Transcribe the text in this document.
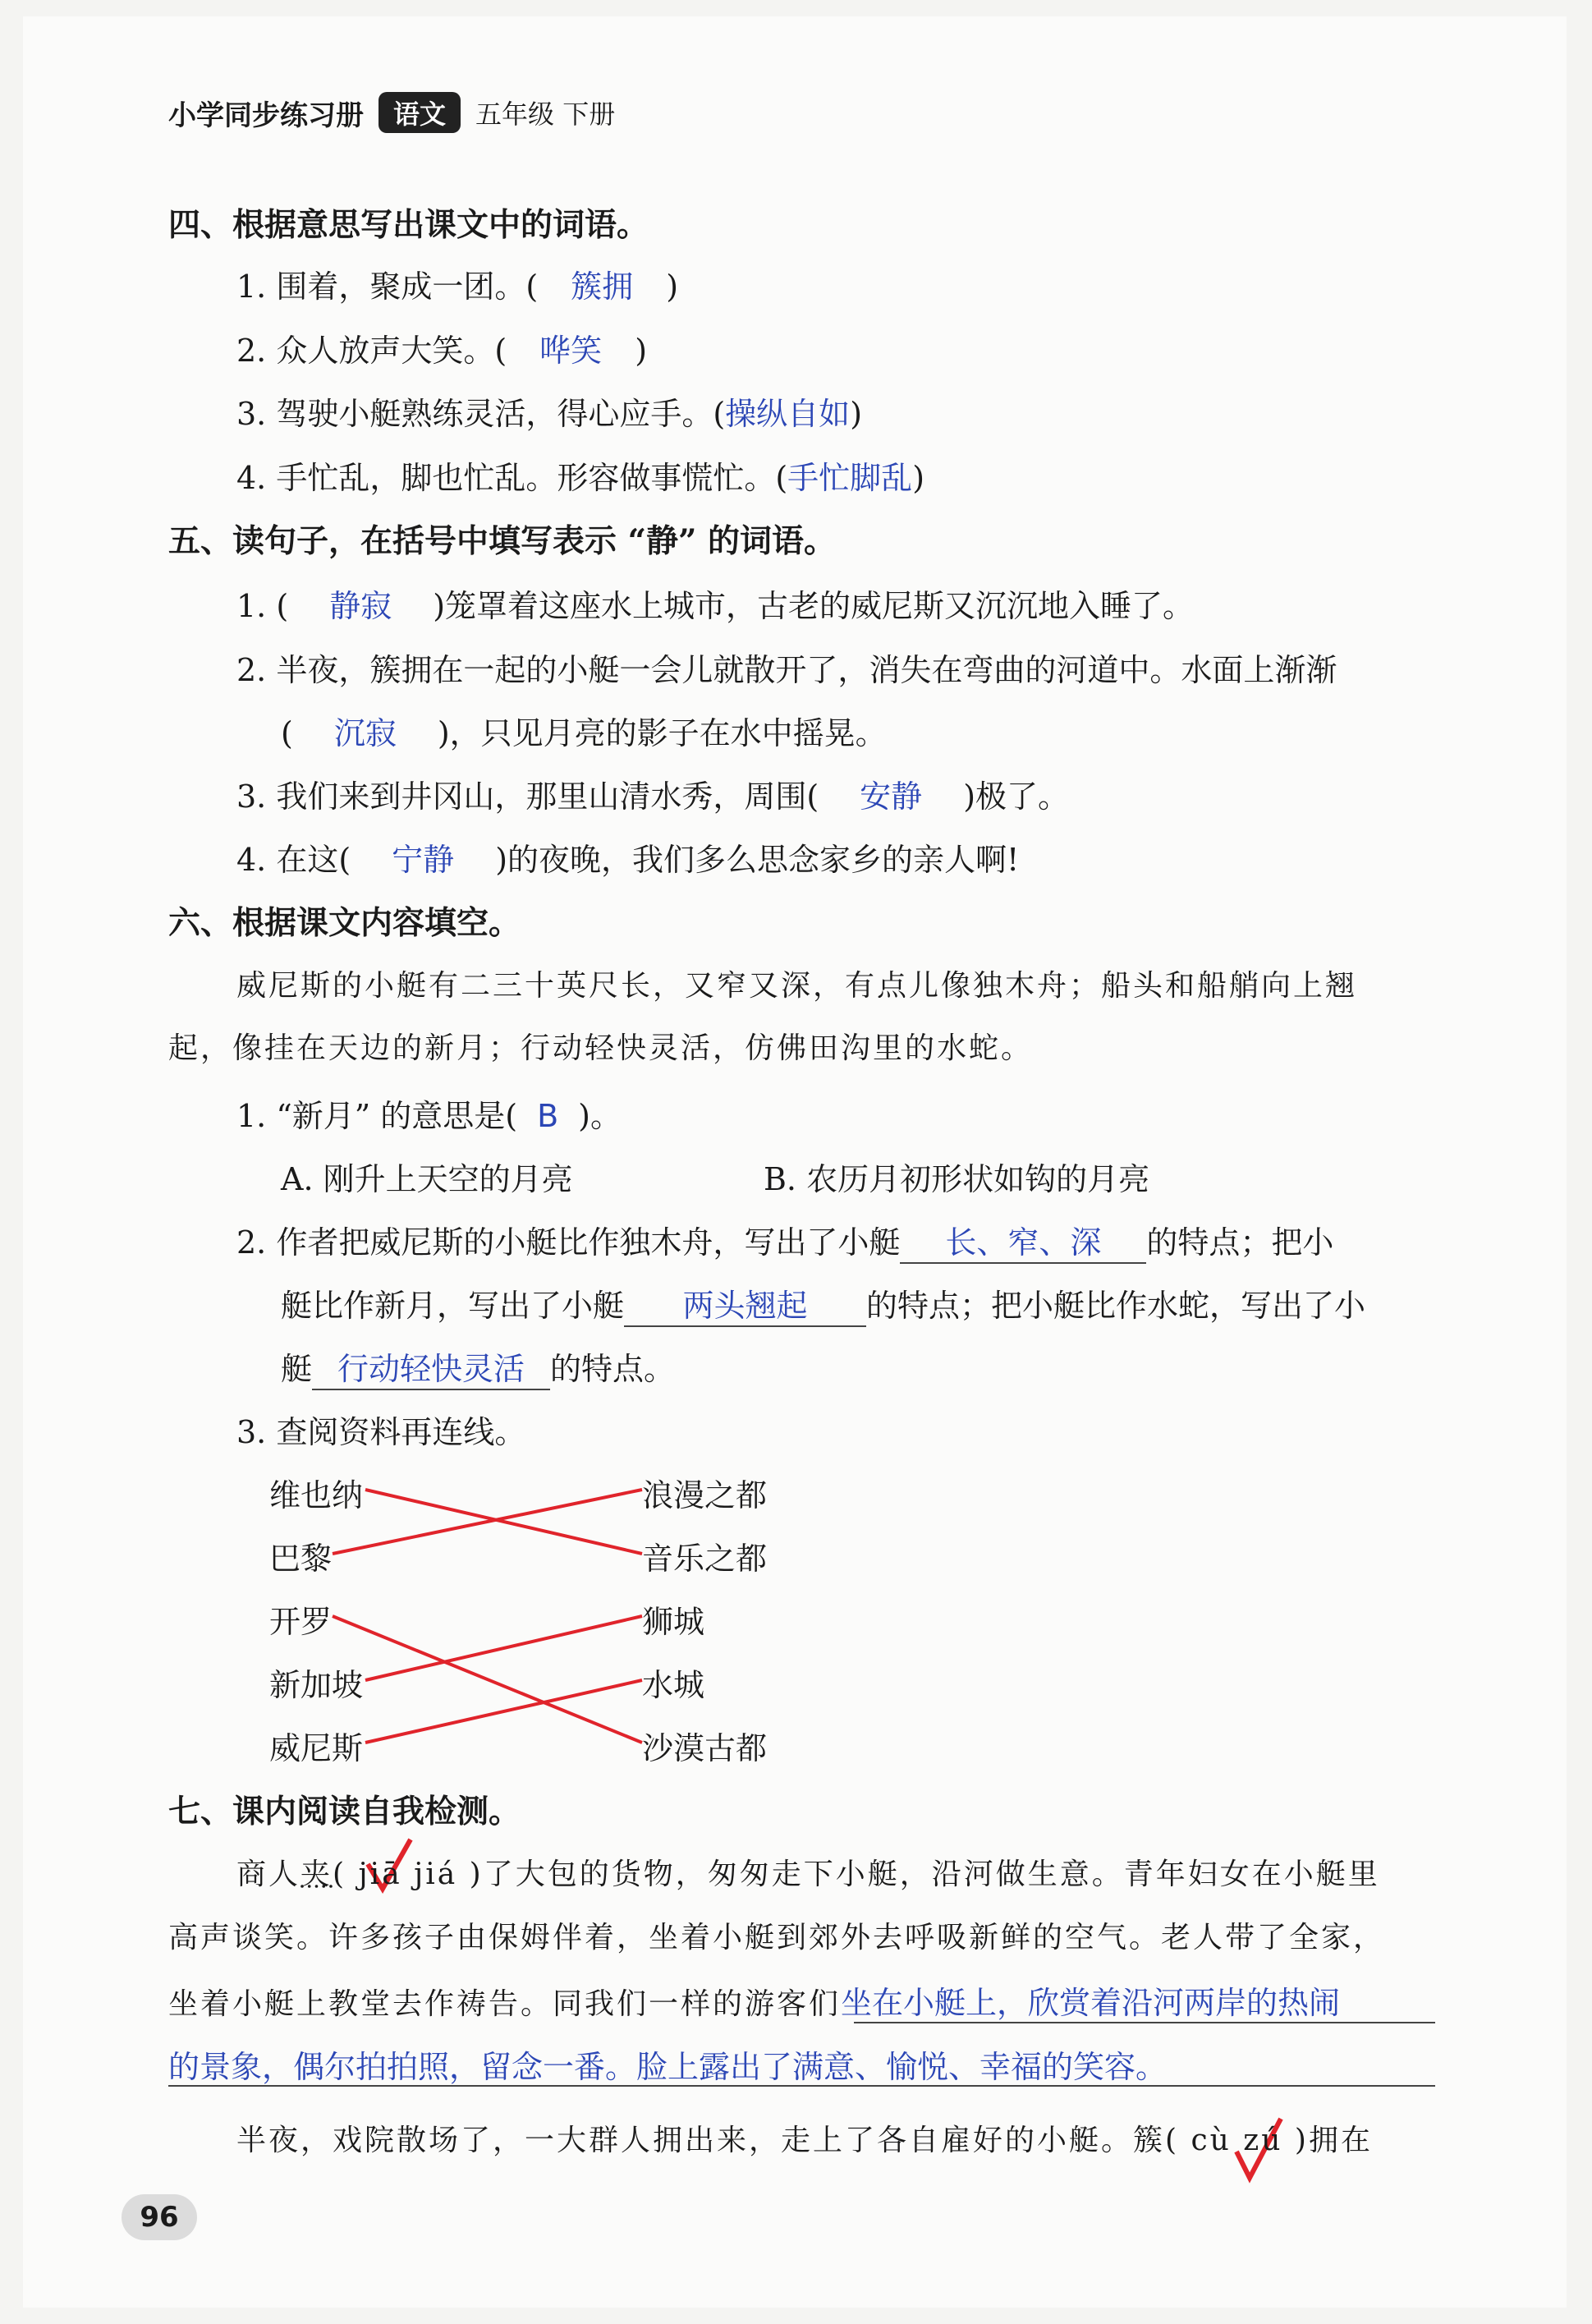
小学同步练习册	语文	五年级 下册
四、根据意思写出课文中的词语。
1. 围着，聚成一团。( 簇拥 )
2. 众人放声大笑。( 哗笑 )
3. 驾驶小艇熟练灵活，得心应手。(操纵自如)
4. 手忙乱，脚也忙乱。形容做事慌忙。(手忙脚乱)
五、读句子，在括号中填写表示 “静” 的词语。
1. ( 静寂 )笼罩着这座水上城市，古老的威尼斯又沉沉地入睡了。
2. 半夜，簇拥在一起的小艇一会儿就散开了，消失在弯曲的河道中。水面上渐渐
( 沉寂 )，只见月亮的影子在水中摇晃。
3. 我们来到井冈山，那里山清水秀，周围( 安静 )极了。
4. 在这( 宁静 )的夜晚，我们多么思念家乡的亲人啊!
六、根据课文内容填空。
威尼斯的小艇有二三十英尺长，又窄又深，有点儿像独木舟；船头和船艄向上翘
起，像挂在天边的新月；行动轻快灵活，仿佛田沟里的水蛇。
1. “新月” 的意思是( B )。
A. 刚升上天空的月亮	B. 农历月初形状如钩的月亮
2. 作者把威尼斯的小艇比作独木舟，写出了小艇 长、窄、深 的特点；把小
艇比作新月，写出了小艇 两头翘起 的特点；把小艇比作水蛇，写出了小
艇 行动轻快灵活 的特点。
3. 查阅资料再连线。
维也纳
巴黎
开罗
新加坡
威尼斯
浪漫之都
音乐之都
狮城
水城
沙漠古都
七、课内阅读自我检测。
商人夹( jiā jiá )了大包的货物，匆匆走下小艇，沿河做生意。青年妇女在小艇里
高声谈笑。许多孩子由保姆伴着，坐着小艇到郊外去呼吸新鲜的空气。老人带了全家，
坐着小艇上教堂去作祷告。同我们一样的游客们坐在小艇上，欣赏着沿河两岸的热闹
的景象，偶尔拍拍照，留念一番。脸上露出了满意、愉悦、幸福的笑容。
半夜，戏院散场了，一大群人拥出来，走上了各自雇好的小艇。簇( cù zú )拥在
96
